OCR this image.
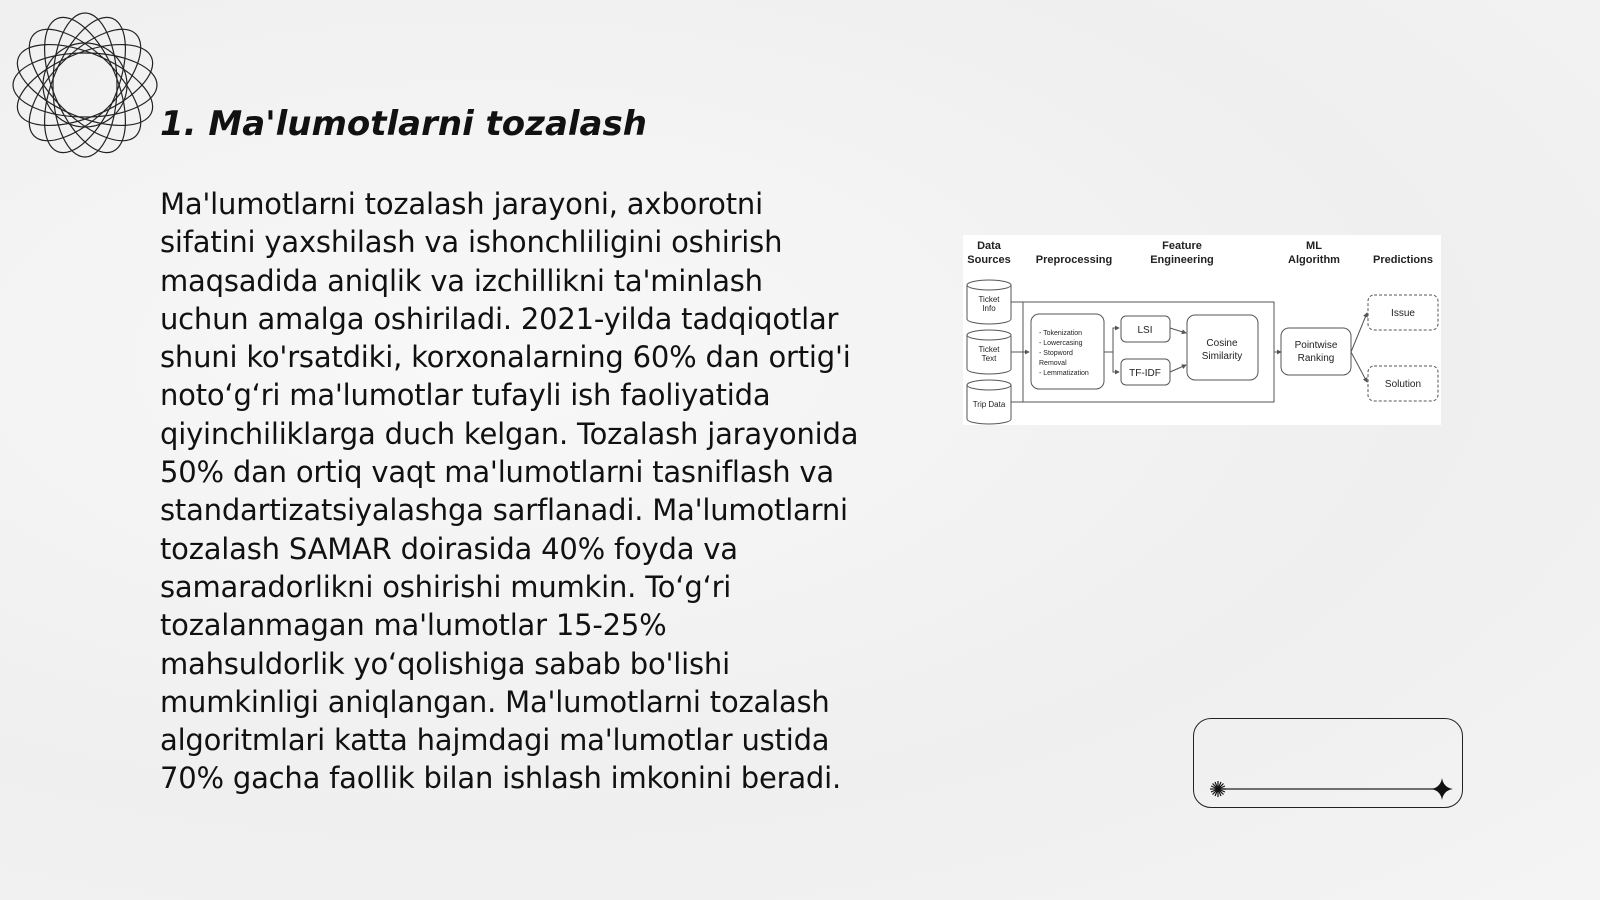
1. Ma'lumotlarni tozalash

Ma'lumotlarni tozalash jarayoni, axborotni sifatini yaxshilash va ishonchliligini oshirish maqsadida aniqlik va izchillikni ta'minlash uchun amalga oshiriladi. 2021-yilda tadqiqotlar shuni ko'rsatdiki, korxonalarning 60% dan ortig'i noto‘g‘ri ma'lumotlar tufayli ish faoliyatida qiyinchiliklarga duch kelgan. Tozalash jarayonida 50% dan ortiq vaqt ma'lumotlarni tasniflash va standartizatsiyalashga sarflanadi. Ma'lumotlarni tozalash SAMAR doirasida 40% foyda va samaradorlikni oshirishi mumkin. To‘g‘ri tozalanmagan ma'lumotlar 15-25% mahsuldorlik yo‘qolishiga sabab bo'lishi mumkinligi aniqlangan. Ma'lumotlarni tozalash algoritmlari katta hajmdagi ma'lumotlar ustida 70% gacha faollik bilan ishlash imkonini beradi.

Data
Sources Preprocessing
Feature
Engineering
ML
Algorithm	Predictions
Ticket
Info
Ticket
Text
Trip Data
- Tokenization
- Lowercasing
- Stopword
Removal
- Lemmatization
LSI
TF-IDF
Cosine
Similarity
Pointwise
Ranking
Issue
Solution
